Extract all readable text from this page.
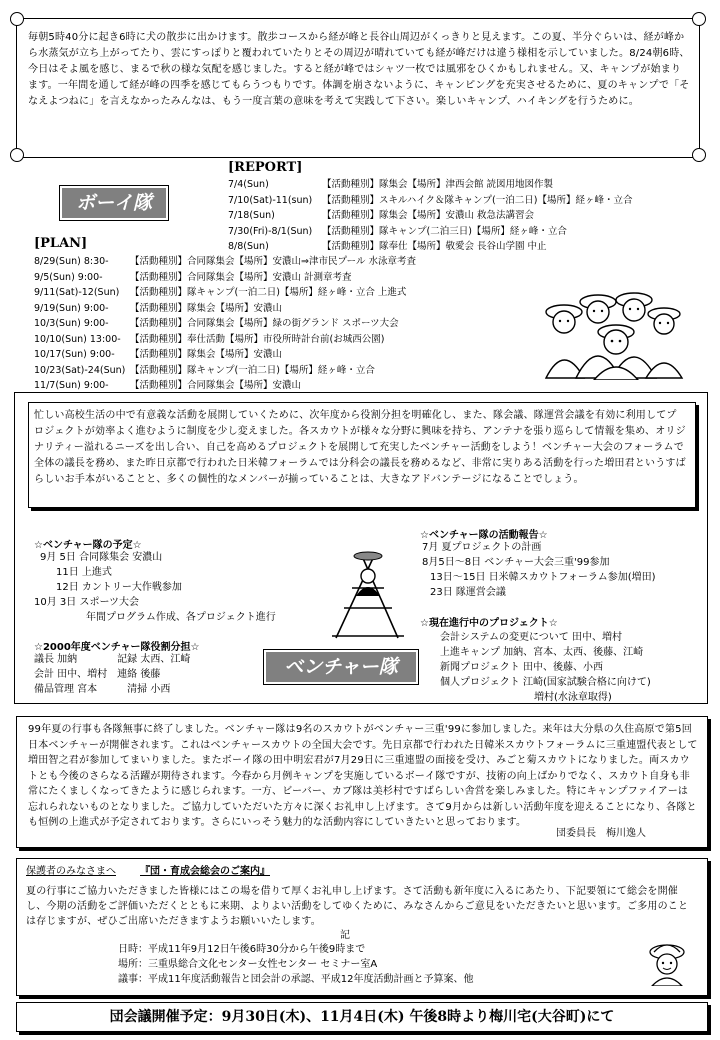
毎朝5時40分に起き6時に犬の散歩に出かけます。散歩コースから経が峰と長谷山周辺がくっきりと見えます。この夏、半分ぐらいは、経が峰から水蒸気が立ち上がってたり、雲にすっぽりと覆われていたりとその周辺が晴れていても経が峰だけは違う様相を示していました。8/24朝6時、今日はそよ風を感じ、まるで秋の様な気配を感じました。すると経が峰ではシャツ一枚では風邪をひくかもしれません。又、キャンプが始まります。一年間を通して経が峰の四季を感じてもらうつもりです。体調を崩さないように、キャンピングを充実させるために、夏のキャンプで「そなえよつねに」を言えなかったみんなは、もう一度言葉の意味を考えて実践して下さい。楽しいキャンプ、ハイキングを行うために。
ボーイ隊
[REPORT]
7/4(Sun)	【活動種別】隊集会【場所】津西会館 読図用地図作製
7/10(Sat)-11(sun) 【活動種別】スキルハイク＆隊キャンプ(一泊二日)【場所】経ヶ峰・立合
7/18(Sun)	【活動種別】隊集会【場所】安濃山 救急法講習会
7/30(Fri)-8/1(Sun) 【活動種別】隊キャンプ(二泊三日)【場所】経ヶ峰・立合
8/8(Sun)	【活動種別】隊奉仕【場所】敬愛会 長谷山学園 中止
[PLAN]
8/29(Sun) 8:30- 【活動種別】合同隊集会【場所】安濃山⇒津市民プール 水泳章考査
9/5(Sun) 9:00-	【活動種別】合同隊集会【場所】安濃山 計測章考査
9/11(Sat)-12(Sun) 【活動種別】隊キャンプ(一泊二日)【場所】経ヶ峰・立合 上進式
9/19(Sun) 9:00- 【活動種別】隊集会【場所】安濃山
10/3(Sun) 9:00- 【活動種別】合同隊集会【場所】緑の街グランド スポーツ大会
10/10(Sun) 13:00- 【活動種別】奉仕活動【場所】市役所時計台前(お城西公園)
10/17(Sun) 9:00- 【活動種別】隊集会【場所】安濃山
10/23(Sat)-24(Sun) 【活動種別】隊キャンプ(一泊二日)【場所】経ヶ峰・立合
11/7(Sun) 9:00- 【活動種別】合同隊集会【場所】安濃山
忙しい高校生活の中で有意義な活動を展開していくために、次年度から役割分担を明確化し、また、隊会議、隊運営会議を有効に利用してプロジェクトが効率よく進むように制度を少し変えました。各スカウトが様々な分野に興味を持ち、アンテナを張り巡らして情報を集め、オリジナリティー溢れるニーズを出し合い、自己を高めるプロジェクトを展開して充実したベンチャー活動をしよう！ベンチャー大会のフォーラムで全体の議長を務め、また昨日京都で行われた日米韓フォーラムでは分科会の議長を務めるなど、非常に実りある活動を行った増田君というすばらしいお手本がいることと、多くの個性的なメンバーが揃っていることは、大きなアドバンテージになることでしょう。
☆ベンチャー隊の予定☆
9月 5日 合同隊集会 安濃山
11日 上進式
12日 カントリー大作戦参加
10月 3日 スポーツ大会
年間プログラム作成、各プロジェクト進行
☆2000年度ベンチャー隊役割分担☆
議長 加納　　　　記録 太西、江崎
会計 田中、増村　連絡 後藤
備品管理 宮本　　　清掃 小西
ベンチャー隊
☆ベンチャー隊の活動報告☆
7月 夏プロジェクトの計画
8月5日〜8日 ベンチャー大会三重'99参加
13日〜15日 日米韓スカウトフォーラム参加(増田)
23日 隊運営会議
☆現在進行中のプロジェクト☆
会計システムの変更について 田中、増村
上進キャンプ 加納、宮本、太西、後藤、江崎
新聞プロジェクト 田中、後藤、小西
個人プロジェクト 江崎(国家試験合格に向けて)
増村(水泳章取得)
99年夏の行事も各隊無事に終了しました。ベンチャー隊は9名のスカウトがベンチャー三重'99に参加しました。来年は大分県の久住高原で第5回日本ベンチャーが開催されます。これはベンチャースカウトの全国大会です。先日京都で行われた日韓米スカウトフォーラムに三重連盟代表として増田智之君が参加してまいりました。またボーイ隊の田中明宏君が7月29日に三重連盟の面接を受け、みごと菊スカウトになりました。両スカウトとも今後のさらなる活躍が期待されます。今春から月例キャンプを実施しているボーイ隊ですが、技術の向上ばかりでなく、スカウト自身も非常にたくましくなってきたように感じられます。一方、ビーバー、カブ隊は美杉村ですばらしい舎営を楽しみました。特にキャンプファイアーは忘れられないものとなりました。ご協力していただいた方々に深くお礼申し上げます。さて9月からは新しい活動年度を迎えることになり、各隊とも恒例の上進式が予定されております。さらにいっそう魅力的な活動内容にしていきたいと思っております。
団委員長　梅川逸人
保護者のみなさまへ 『団・育成会総会のご案内』
夏の行事にご協力いただきました皆様にはこの場を借りて厚くお礼申し上げます。さて活動も新年度に入るにあたり、下記要領にて総会を開催し、今期の活動をご評価いただくとともに来期、よりよい活動をしてゆくために、みなさんからご意見をいただきたいと思います。ご多用のことは存じますが、ぜひご出席いただきますようお願いいたします。
記
日時：平成11年9月12日午後6時30分から午後9時まで
場所：三重県総合文化センター女性センター セミナー室A
議事：平成11年度活動報告と団会計の承認、平成12年度活動計画と予算案、他
団会議開催予定：9月30日(木)、11月4日(木) 午後8時より梅川宅(大谷町)にて
